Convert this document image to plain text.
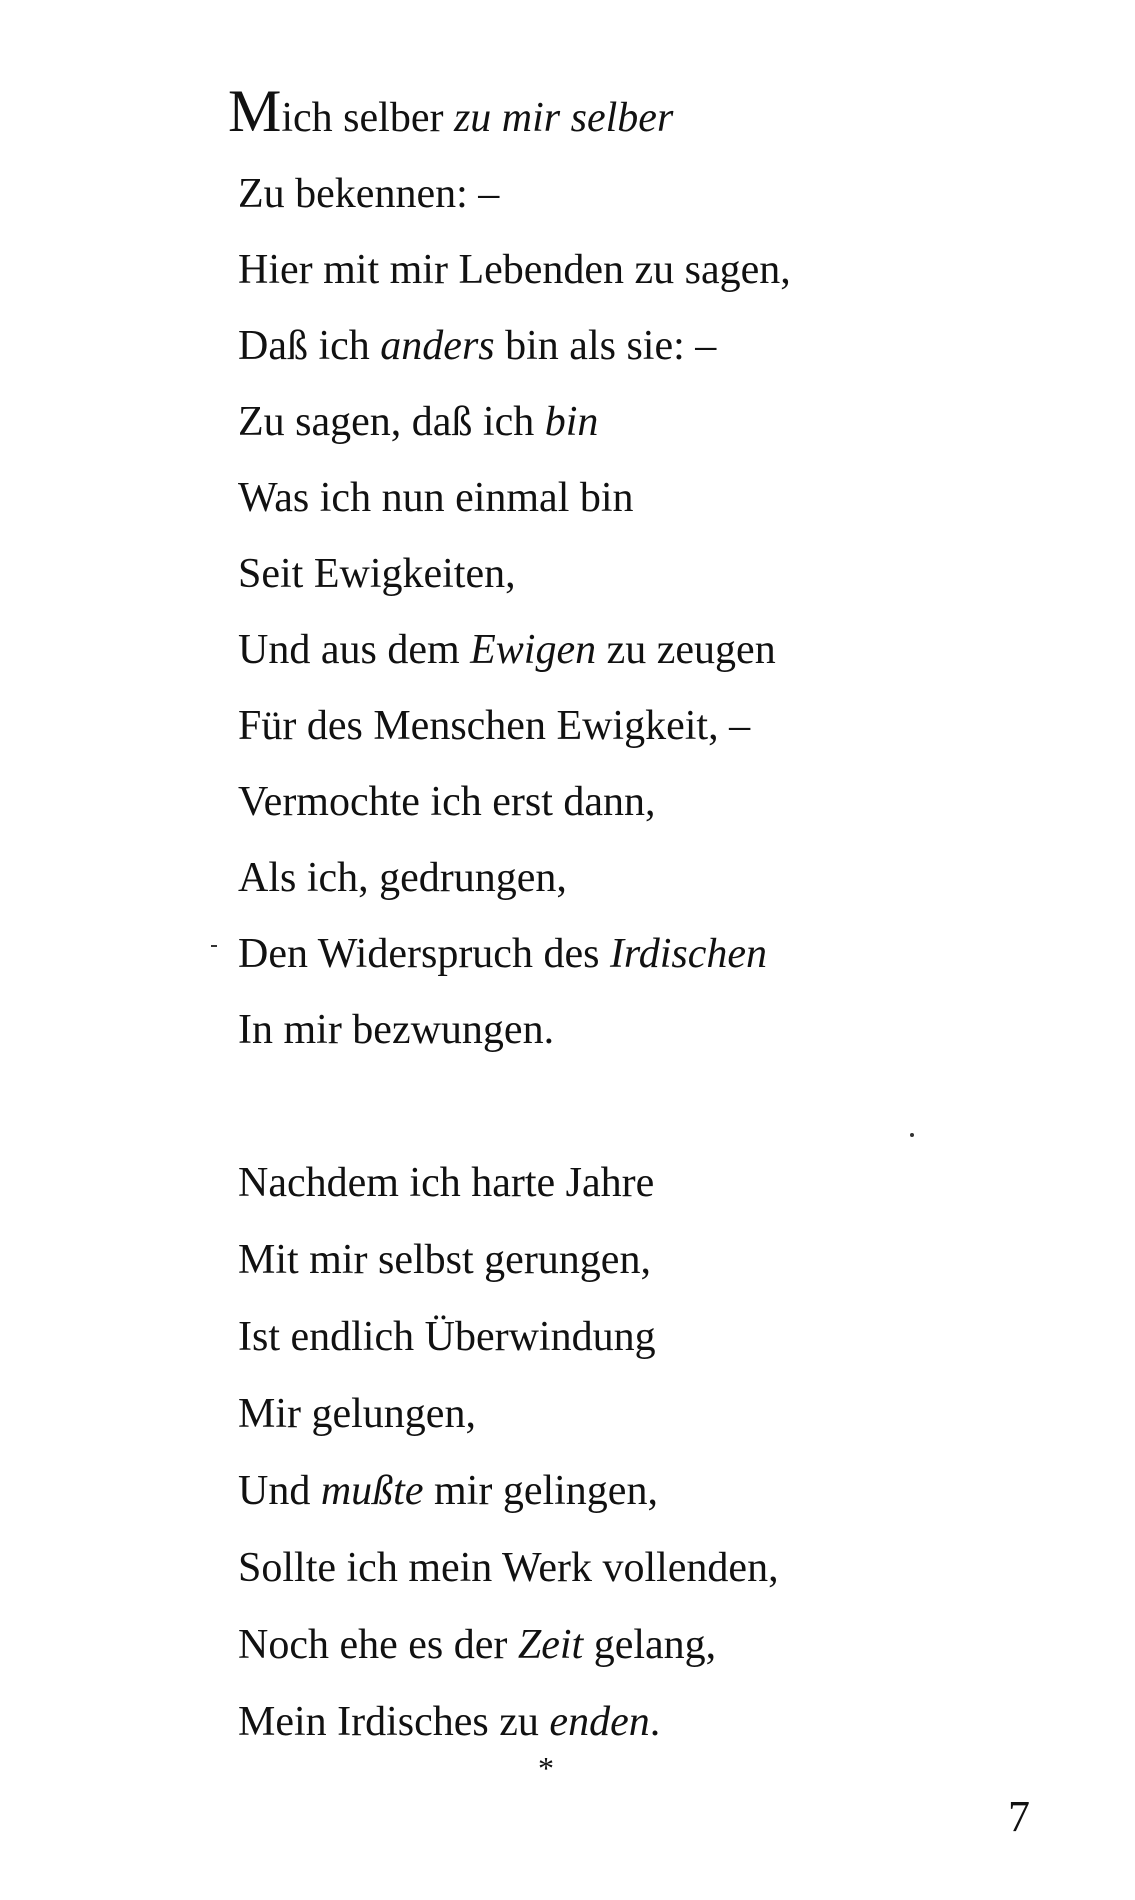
Mich selber zu mir selber
Zu bekennen: –
Hier mit mir Lebenden zu sagen,
Daß ich anders bin als sie: –
Zu sagen, daß ich bin
Was ich nun einmal bin
Seit Ewigkeiten,
Und aus dem Ewigen zu zeugen
Für des Menschen Ewigkeit, –
Vermochte ich erst dann,
Als ich, gedrungen,
Den Widerspruch des Irdischen
In mir bezwungen.
Nachdem ich harte Jahre
Mit mir selbst gerungen,
Ist endlich Überwindung
Mir gelungen,
Und mußte mir gelingen,
Sollte ich mein Werk vollenden,
Noch ehe es der Zeit gelang,
Mein Irdisches zu enden.
*
7
